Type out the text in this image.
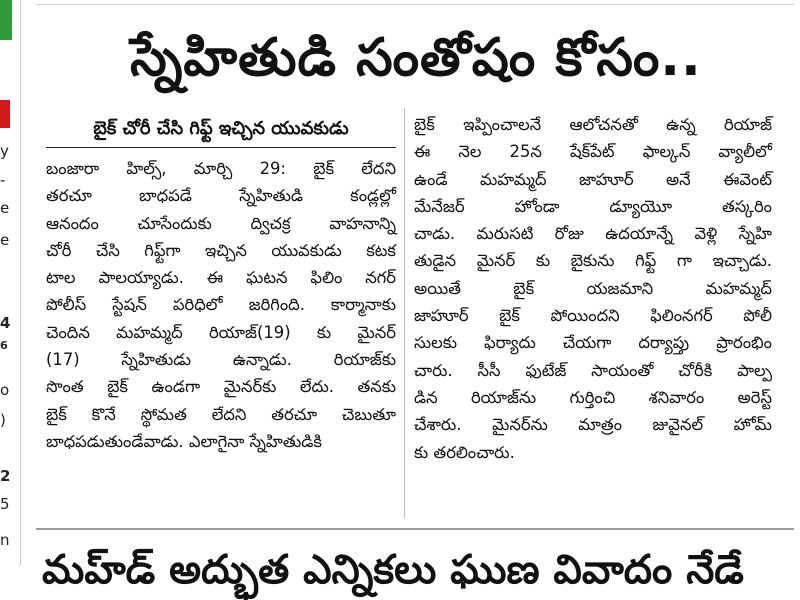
y
-
e
e
4
6
o
)
2
5
n
స్నేహితుడి సంతోషం కోసం..
బైక్ చోరీ చేసి గిఫ్ట్ ఇచ్చిన యువకుడు
బంజారా హిల్స్, మార్చి 29: బైక్ లేదని
తరచూ బాధపడే స్నేహితుడి కండ్లల్లో
ఆనందం చూసేందుకు ద్విచక్ర వాహనాన్ని
చోరీ చేసి గిఫ్ట్‌గా ఇచ్చిన యువకుడు కటక
టాల పాలయ్యాడు. ఈ ఘటన ఫిలిం నగర్
పోలీస్ స్టేషన్ పరిధిలో జరిగింది. కార్మానాకు
చెందిన మహమ్మద్ రియాజ్(19) కు మైనర్
(17) స్నేహితుడు ఉన్నాడు. రియాజ్‌కు
సొంత బైక్ ఉండగా మైనర్‌కు లేదు. తనకు
బైక్ కొనే స్థోమత లేదని తరచూ చెబుతూ
బాధపడుతుండేవాడు. ఎలాగైనా స్నేహితుడికి
బైక్ ఇప్పించాలనే ఆలోచనతో ఉన్న రియాజ్
ఈ నెల 25న షేక్‌పేట్ ఫాల్కన్ వ్యాలీలో
ఉండే మహమ్మద్ జాహూర్ అనే ఈవెంట్
మేనేజర్ హోండా డ్యూయెూ తస్కరిం
చాడు. మరుసటి రోజు ఉదయాన్నే వెళ్లి స్నేహి
తుడైన మైనర్ కు బైకును గిఫ్ట్ గా ఇచ్చాడు.
అయితే బైక్ యజమాని మహమ్మద్
జాహూర్ బైక్ పోయిందని ఫిలింనగర్ పోలీ
సులకు ఫిర్యాదు చేయగా దర్యాప్తు ప్రారంభిం
చారు. సీసీ ఫుటేజ్ సాయంతో చోరీకి పాల్ప
డిన రియాజ్‌ను గుర్తించి శనివారం అరెస్ట్
చేశారు. మైనర్‌ను మాత్రం జువైనల్ హోమ్
కు తరలించారు.
మహ్‌డ్ అద్భుత ఎన్నికలు ఘుణ వివాదం నేడే
